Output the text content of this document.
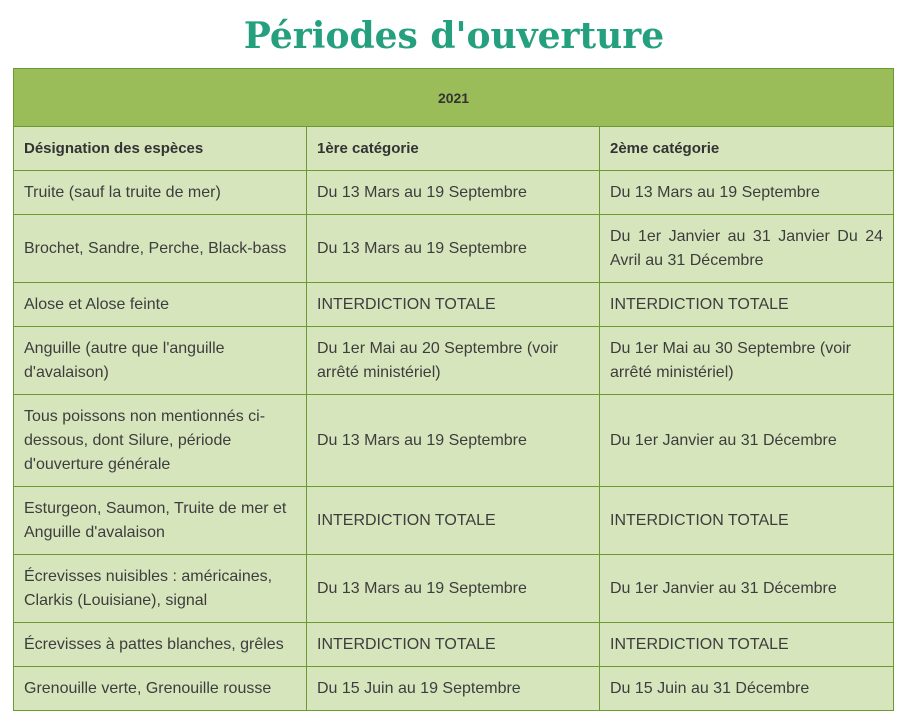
Périodes d'ouverture
2021		
Désignation des espèces	1ère catégorie	2ème catégorie
Truite (sauf la truite de mer)	Du 13 Mars au 19 Septembre	Du 13 Mars au 19 Septembre
Brochet, Sandre, Perche, Black-bass	Du 13 Mars au 19 Septembre	Du 1er Janvier au 31 Janvier Du 24 Avril au 31 Décembre
Alose et Alose feinte	INTERDICTION TOTALE	INTERDICTION TOTALE
Anguille (autre que l'anguille d'avalaison)	Du 1er Mai au 20 Septembre (voir arrêté ministériel)	Du 1er Mai au 30 Septembre (voir arrêté ministériel)
Tous poissons non mentionnés ci-dessous, dont Silure, période d'ouverture générale	Du 13 Mars au 19 Septembre	Du 1er Janvier au 31 Décembre
Esturgeon, Saumon, Truite de mer et Anguille d'avalaison	INTERDICTION TOTALE	INTERDICTION TOTALE
Écrevisses nuisibles : américaines, Clarkis (Louisiane), signal	Du 13 Mars au 19 Septembre	Du 1er Janvier au 31 Décembre
Écrevisses à pattes blanches, grêles	INTERDICTION TOTALE	INTERDICTION TOTALE
Grenouille verte, Grenouille rousse	Du 15 Juin au 19 Septembre	Du 15 Juin au 31 Décembre
